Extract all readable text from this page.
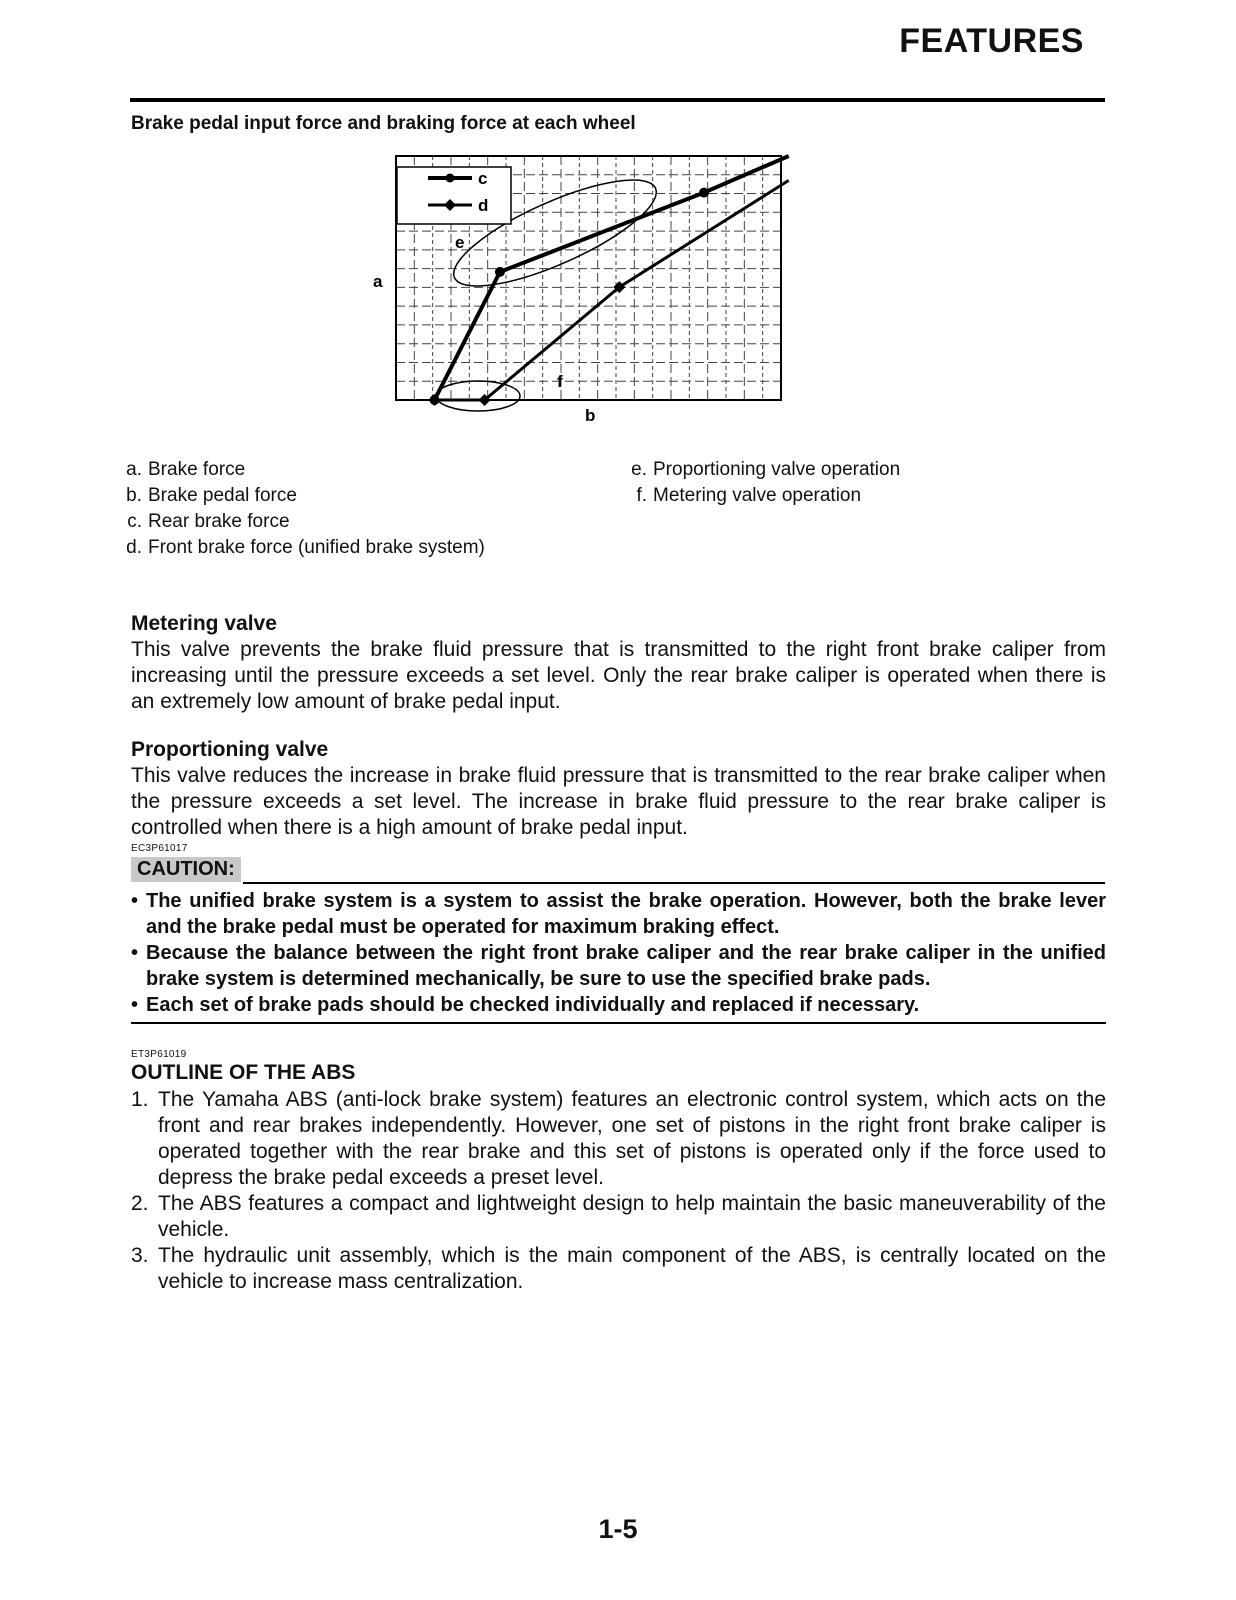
FEATURES
Brake pedal input force and braking force at each wheel
c
d
e
f
a
b
a. Brake force
b. Brake pedal force
c. Rear brake force
d. Front brake force (unified brake system)
e. Proportioning valve operation
f. Metering valve operation
Metering valve

This valve prevents the brake fluid pressure that is transmitted to the right front brake caliper from increasing until the pressure exceeds a set level. Only the rear brake caliper is operated when there is an extremely low amount of brake pedal input.

Proportioning valve

This valve reduces the increase in brake fluid pressure that is transmitted to the rear brake caliper when the pressure exceeds a set level. The increase in brake fluid pressure to the rear brake caliper is controlled when there is a high amount of brake pedal input.

EC3P61017
CAUTION:
• The unified brake system is a system to assist the brake operation. However, both the brake lever and the brake pedal must be operated for maximum braking effect.
• Because the balance between the right front brake caliper and the rear brake caliper in the unified brake system is determined mechanically, be sure to use the specified brake pads.
• Each set of brake pads should be checked individually and replaced if necessary.
ET3P61019
OUTLINE OF THE ABS
1. The Yamaha ABS (anti-lock brake system) features an electronic control system, which acts on the front and rear brakes independently. However, one set of pistons in the right front brake caliper is operated together with the rear brake and this set of pistons is operated only if the force used to depress the brake pedal exceeds a preset level.
2. The ABS features a compact and lightweight design to help maintain the basic maneuverability of the vehicle.
3. The hydraulic unit assembly, which is the main component of the ABS, is centrally located on the vehicle to increase mass centralization.
1-5
